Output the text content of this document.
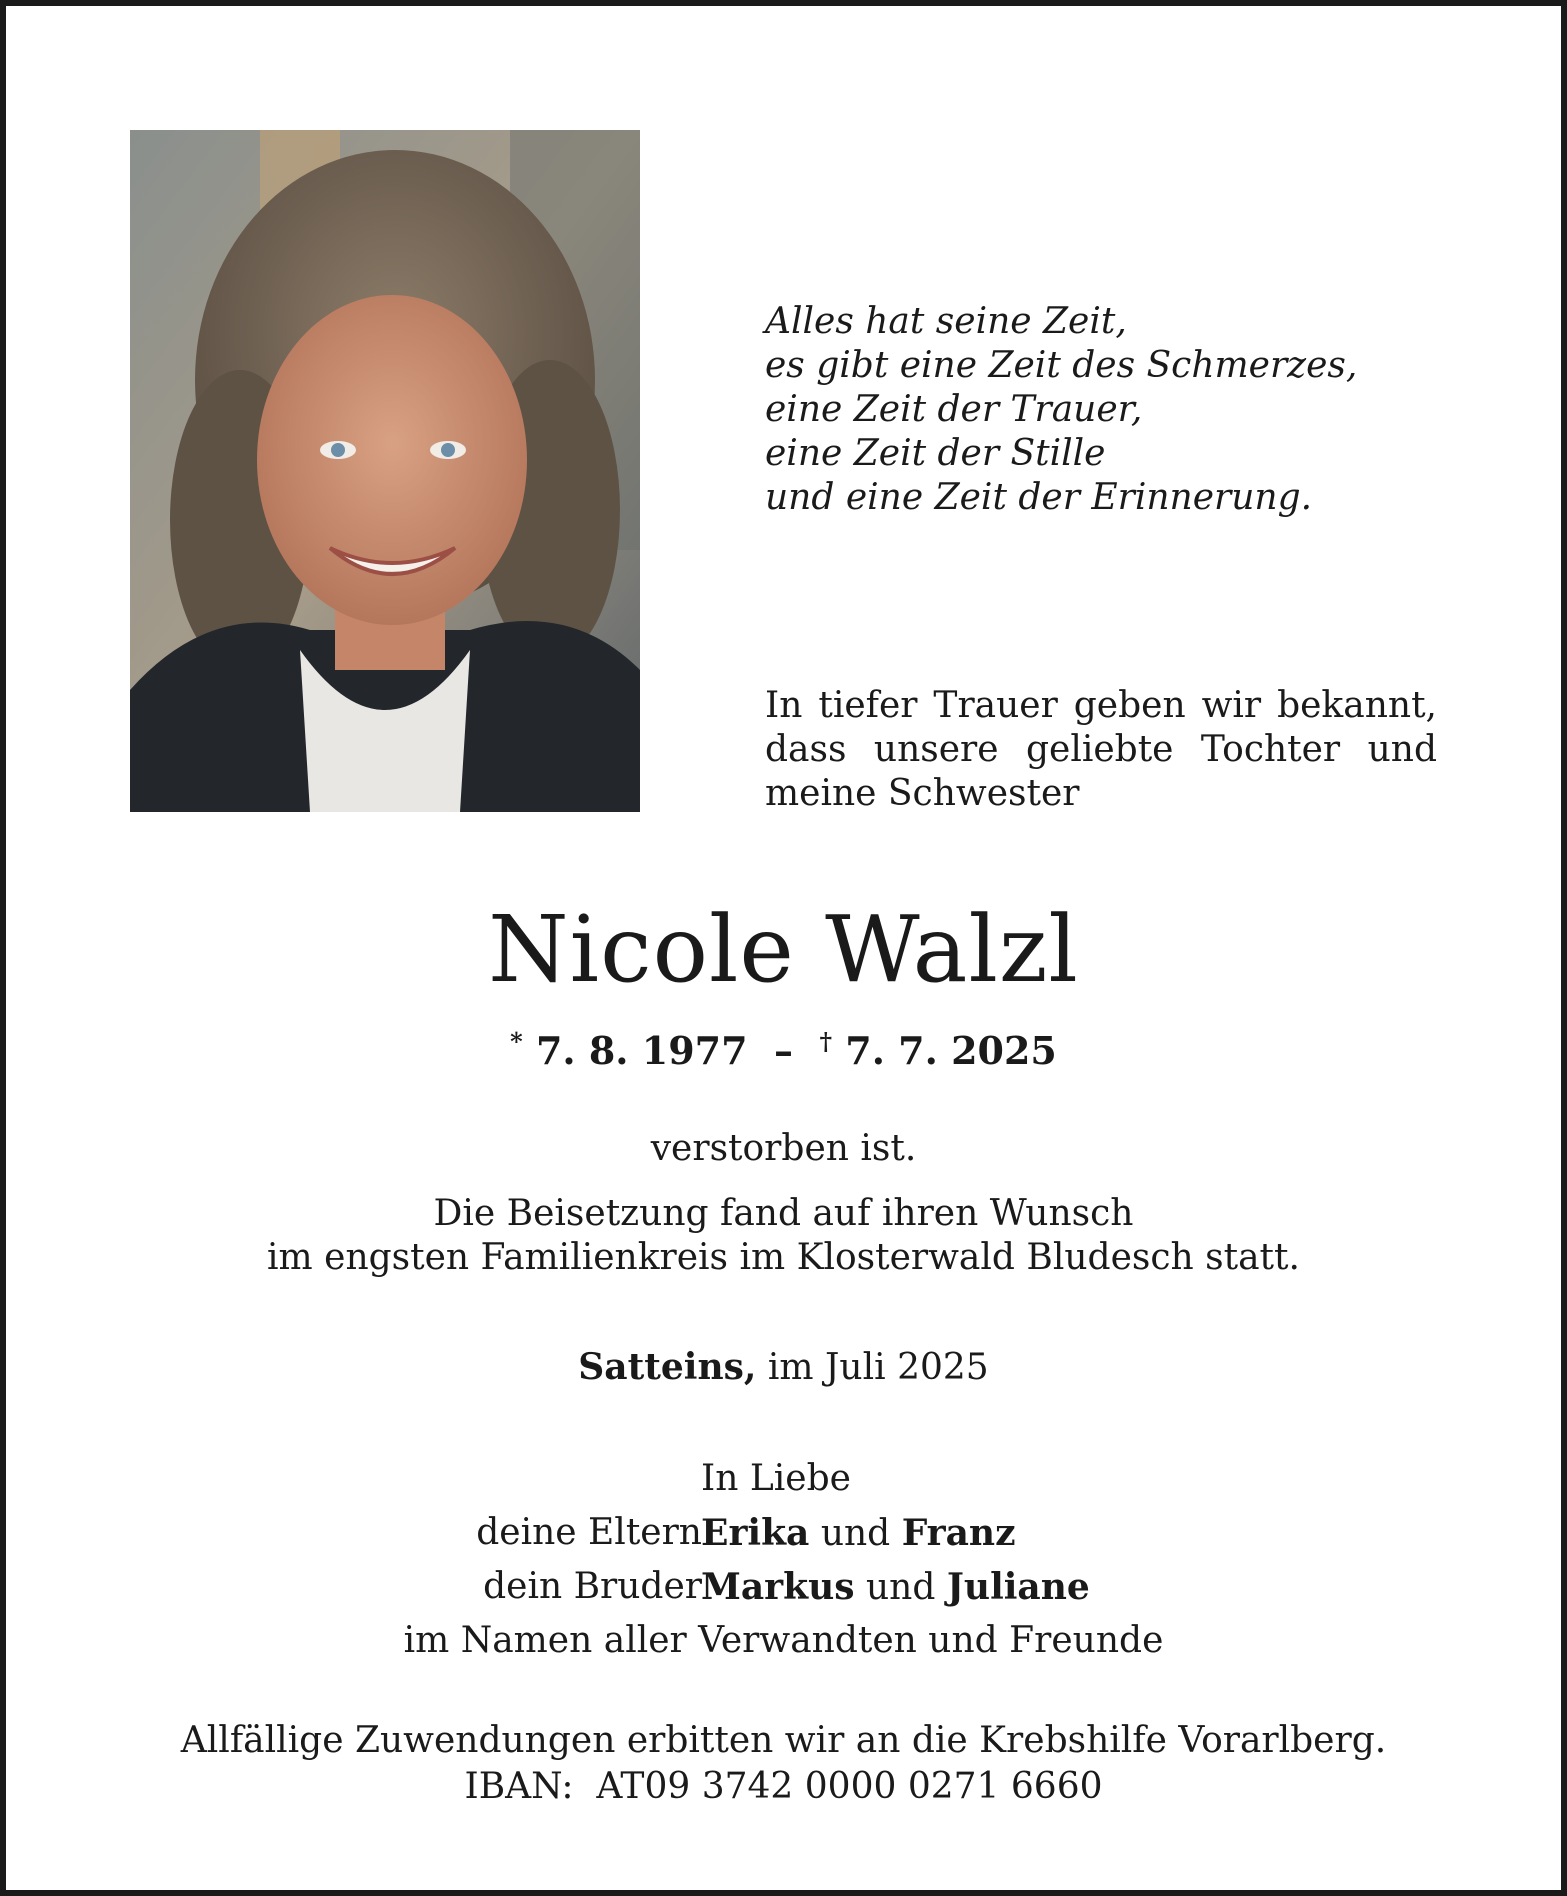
Alles hat seine Zeit,
es gibt eine Zeit des Schmerzes,
eine Zeit der Trauer,
eine Zeit der Stille
und eine Zeit der Erinnerung.
In tiefer Trauer geben wir bekannt, dass unsere geliebte Tochter und meine Schwester
Nicole Walzl
* 7. 8. 1977 – † 7. 7. 2025
verstorben ist.
Die Beisetzung fand auf ihren Wunsch
im engsten Familienkreis im Klosterwald Bludesch statt.
Satteins, im Juli 2025
In Liebe
deine Eltern Erika und Franz
dein Bruder Markus und Juliane
im Namen aller Verwandten und Freunde
Allfällige Zuwendungen erbitten wir an die Krebshilfe Vorarlberg.
IBAN: AT09 3742 0000 0271 6660
